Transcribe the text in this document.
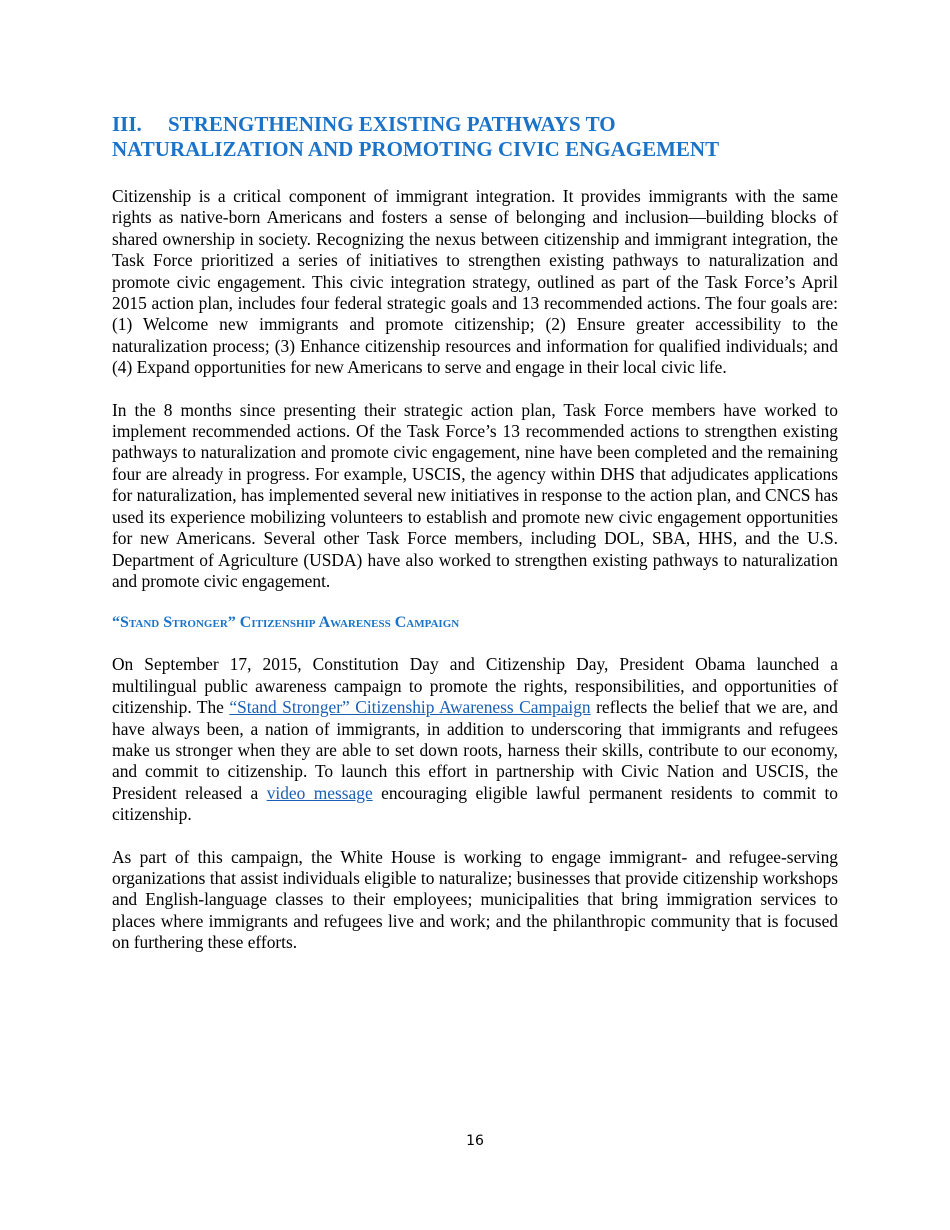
III. STRENGTHENING EXISTING PATHWAYS TO
NATURALIZATION AND PROMOTING CIVIC ENGAGEMENT

Citizenship is a critical component of immigrant integration. It provides immigrants with the same rights as native-born Americans and fosters a sense of belonging and inclusion—building blocks of shared ownership in society. Recognizing the nexus between citizenship and immigrant integration, the Task Force prioritized a series of initiatives to strengthen existing pathways to naturalization and promote civic engagement. This civic integration strategy, outlined as part of the Task Force’s April 2015 action plan, includes four federal strategic goals and 13 recommended actions. The four goals are: (1) Welcome new immigrants and promote citizenship; (2) Ensure greater accessibility to the naturalization process; (3) Enhance citizenship resources and information for qualified individuals; and (4) Expand opportunities for new Americans to serve and engage in their local civic life.

In the 8 months since presenting their strategic action plan, Task Force members have worked to implement recommended actions. Of the Task Force’s 13 recommended actions to strengthen existing pathways to naturalization and promote civic engagement, nine have been completed and the remaining four are already in progress. For example, USCIS, the agency within DHS that adjudicates applications for naturalization, has implemented several new initiatives in response to the action plan, and CNCS has used its experience mobilizing volunteers to establish and promote new civic engagement opportunities for new Americans. Several other Task Force members, including DOL, SBA, HHS, and the U.S. Department of Agriculture (USDA) have also worked to strengthen existing pathways to naturalization and promote civic engagement.

“Stand Stronger” Citizenship Awareness Campaign

On September 17, 2015, Constitution Day and Citizenship Day, President Obama launched a multilingual public awareness campaign to promote the rights, responsibilities, and opportunities of citizenship. The “Stand Stronger” Citizenship Awareness Campaign reflects the belief that we are, and have always been, a nation of immigrants, in addition to underscoring that immigrants and refugees make us stronger when they are able to set down roots, harness their skills, contribute to our economy, and commit to citizenship. To launch this effort in partnership with Civic Nation and USCIS, the President released a video message encouraging eligible lawful permanent residents to commit to citizenship.

As part of this campaign, the White House is working to engage immigrant- and refugee-serving organizations that assist individuals eligible to naturalize; businesses that provide citizenship workshops and English-language classes to their employees; municipalities that bring immigration services to places where immigrants and refugees live and work; and the philanthropic community that is focused on furthering these efforts.

16
